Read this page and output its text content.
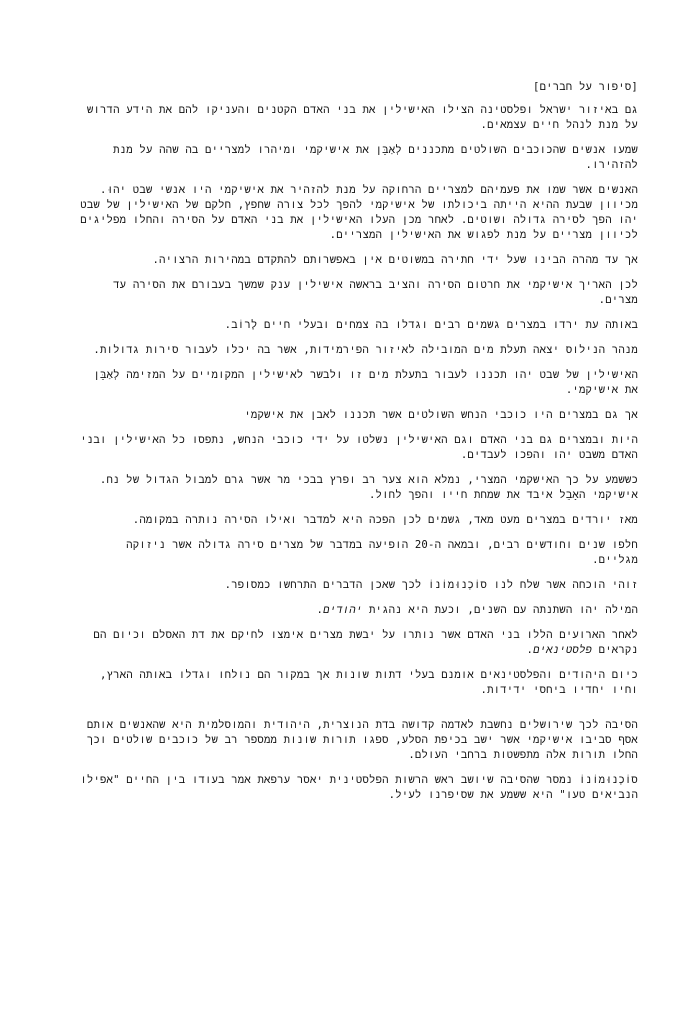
[סיפור על חברים]

גם באיזור ישראל ופלסטינה הצילו האישילין את בני האדם הקטנים והעניקו להם את הידע הדרוש על מנת לנהל חיים עצמאים.

שמעו אנשים שהכוכבים השולטים מתכננים לְאַבֵּן את אישיקמי ומיהרו למצריים בה שהה על מנת להזהירו.

האנשים אשר שמו את פעמיהם למצריים הרחוקה על מנת להזהיר את אישיקמי היו אנשי שבט יהוּ. מכיוון שבעת ההיא הייתה ביכולתו של אישיקמי להפך לכל צורה שחפץ, חלקם של האישילין של שבט יהו הפך לסירה גדולה ושוטים. לאחר מכן העלו האישילין את בני האדם על הסירה והחלו מפליגים לכיוון מצריים על מנת לפגוש את האישילין המצריים.

אך עד מהרה הבינו שעל ידי חתירה במשוטים אין באפשרותם להתקדם במהירות הרצויה.

לכן האריך אישיקמי את חרטום הסירה והציב בראשה אישילין ענק שמשך בעבורם את הסירה עד מצרים.

באותה עת ירדו במצרים גשמים רבים וגדלו בה צמחים ובעלי חיים לָרוֹב.

מנהר הנילוס יצאה תעלת מים המובילה לאיזור הפירמידות, אשר בה יכלו לעבור סירות גדולות.

האישילין של שבט יהו תכננו לעבור בתעלת מים זו ולבשר לאישילין המקומיים על המזימה לְאַבֵּן את אישיקמי.

אך גם במצרים היו כוכבי הנחש השולטים אשר תכננו לאבן את אישקמי

היות ובמצרים גם בני האדם וגם האישילין נשלטו על ידי כוכבי הנחש, נתפסו כל האישילין ובני האדם משבט יהו והפכו לעבדים.

כששמע על כך האישקמי המצרי, נמלא הוא צער רב ופרץ בבכי מר אשר גרם למבול הגדול של נח. אישיקמי האָבֵל איבד את שמחת חייו והפך לחול.

מאז יורדים במצרים מעט מאד, גשמים לכן הפכה היא למדבר ואילו הסירה נותרה במקומה.

חלפו שנים וחודשים רבים, ובמאה ה-20 הופיעה במדבר של מצרים סירה גדולה אשר ניזוקה מגליים.

זוהי הוכחה אשר שלח לנו סוֹכְנוּמוֹנוֹ לכך שאכן הדברים התרחשו כמסופר.

המילה יהו השתנתה עם השנים, וכעת היא נהגית יהודים.

לאחר הארועים הללו בני האדם אשר נותרו על יבשת מצרים אימצו לחיקם את דת האסלם וכיום הם נקראים פלסטינאים.

כיום היהודים והפלסטינאים אומנם בעלי דתות שונות אך במקור הם נולחו וגדלו באותה הארץ, וחיו יחדיו ביחסי ידידות.

הסיבה לכך שירושלים נחשבת לאדמה קדושה בדת הנוצרית, היהודית והמוסלמית היא שהאנשים אותם אסף סביבו אישיקמי אשר ישב בכיפת הסלע, ספגו תורות שונות ממספר רב של כוכבים שולטים וכך החלו תורות אלה מתפשטות ברחבי העולם.

סוֹכְנוּמוֹנוֹ נמסר שהסיבה שיושב ראש הרשות הפלסטינית יאסר ערפאת אמר בעודו בין החיים "אפילו הנביאים טעו" היא ששמע את שסיפרנו לעיל.
